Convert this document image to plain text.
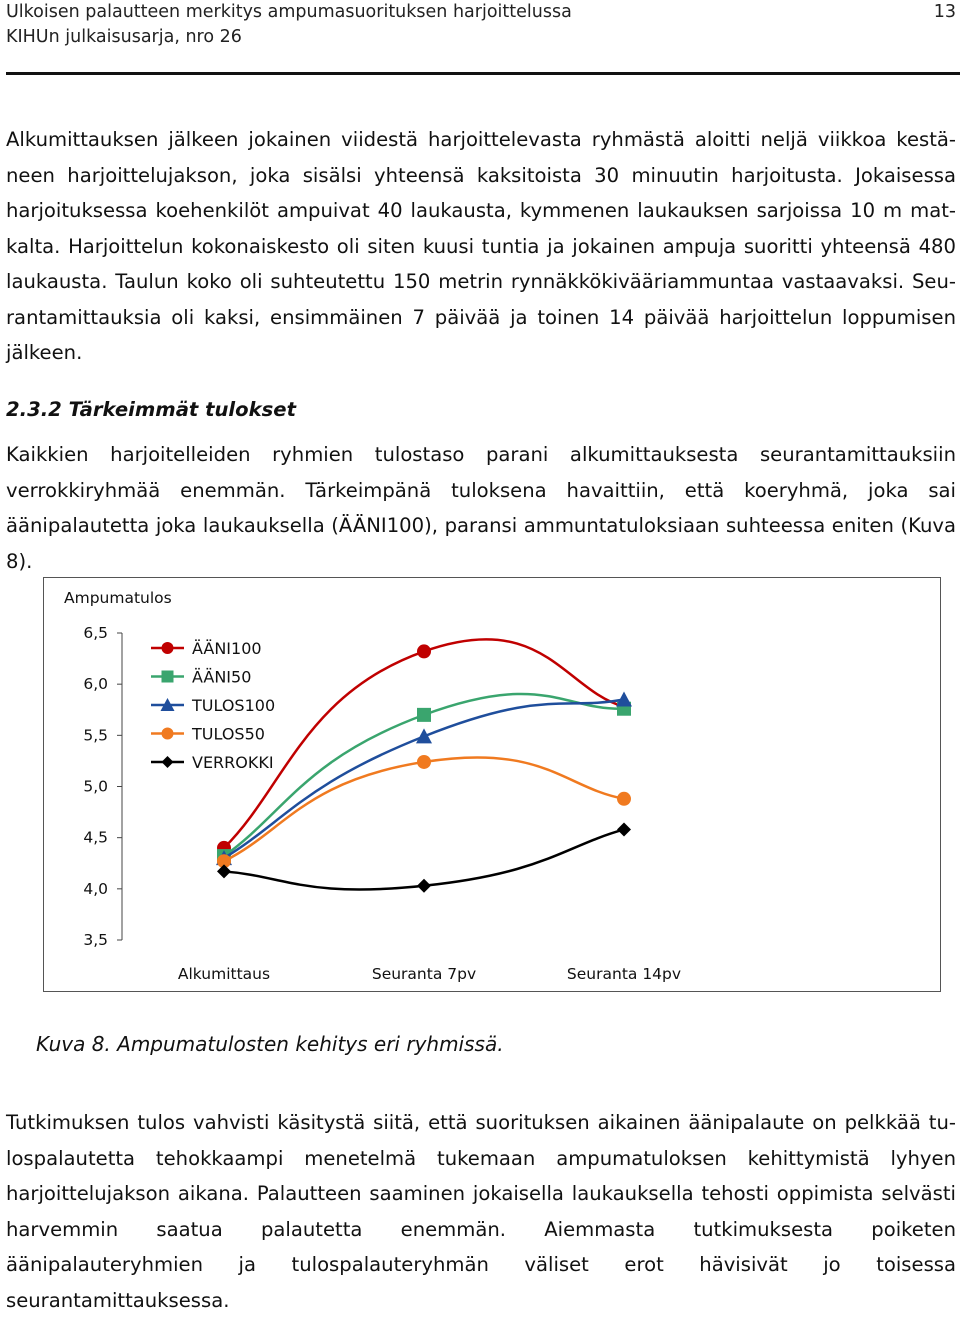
Ulkoisen palautteen merkitys ampumasuorituksen harjoittelussa
KIHUn julkaisusarja, nro 26
13

Alkumittauksen jälkeen jokainen viidestä harjoittelevasta ryhmästä aloitti neljä viikkoa kestäneen harjoittelujakson, joka sisälsi yhteensä kaksitoista 30 minuutin harjoitusta. Jokaisessa harjoituksessa koehenkilöt ampuivat 40 laukausta, kymmenen laukauksen sarjoissa 10 m matkalta. Harjoittelun kokonaiskesto oli siten kuusi tuntia ja jokainen ampuja suoritti yhteensä 480 laukausta. Taulun koko oli suhteutettu 150 metrin rynnäkkökivääriammuntaa vastaavaksi. Seurantamittauksia oli kaksi, ensimmäinen 7 päivää ja toinen 14 päivää harjoittelun loppumisen jälkeen.

2.3.2 Tärkeimmät tulokset

Kaikkien harjoitelleiden ryhmien tulostaso parani alkumittauksesta seurantamittauksiin verrokkiryhmää enemmän. Tärkeimpänä tuloksena havaittiin, että koeryhmä, joka sai äänipalautetta joka laukauksella (ÄÄNI100), paransi ammuntatuloksiaan suhteessa eniten (Kuva 8).

Ampumatulos
6,5
6,0
5,5
5,0
4,5
4,0
3,5
Alkumittaus	Seuranta 7pv	Seuranta 14pv
ÄÄNI100
ÄÄNI50
TULOS100
TULOS50
VERROKKI

Kuva 8. Ampumatulosten kehitys eri ryhmissä.

Tutkimuksen tulos vahvisti käsitystä siitä, että suorituksen aikainen äänipalaute on pelkkää tulospalautetta tehokkaampi menetelmä tukemaan ampumatuloksen kehittymistä lyhyen harjoittelujakson aikana. Palautteen saaminen jokaisella laukauksella tehosti oppimista selvästi harvemmin saatua palautetta enemmän. Aiemmasta tutkimuksesta poiketen äänipalauteryhmien ja tulospalauteryhmän väliset erot hävisivät jo toisessa seurantamittauksessa.
